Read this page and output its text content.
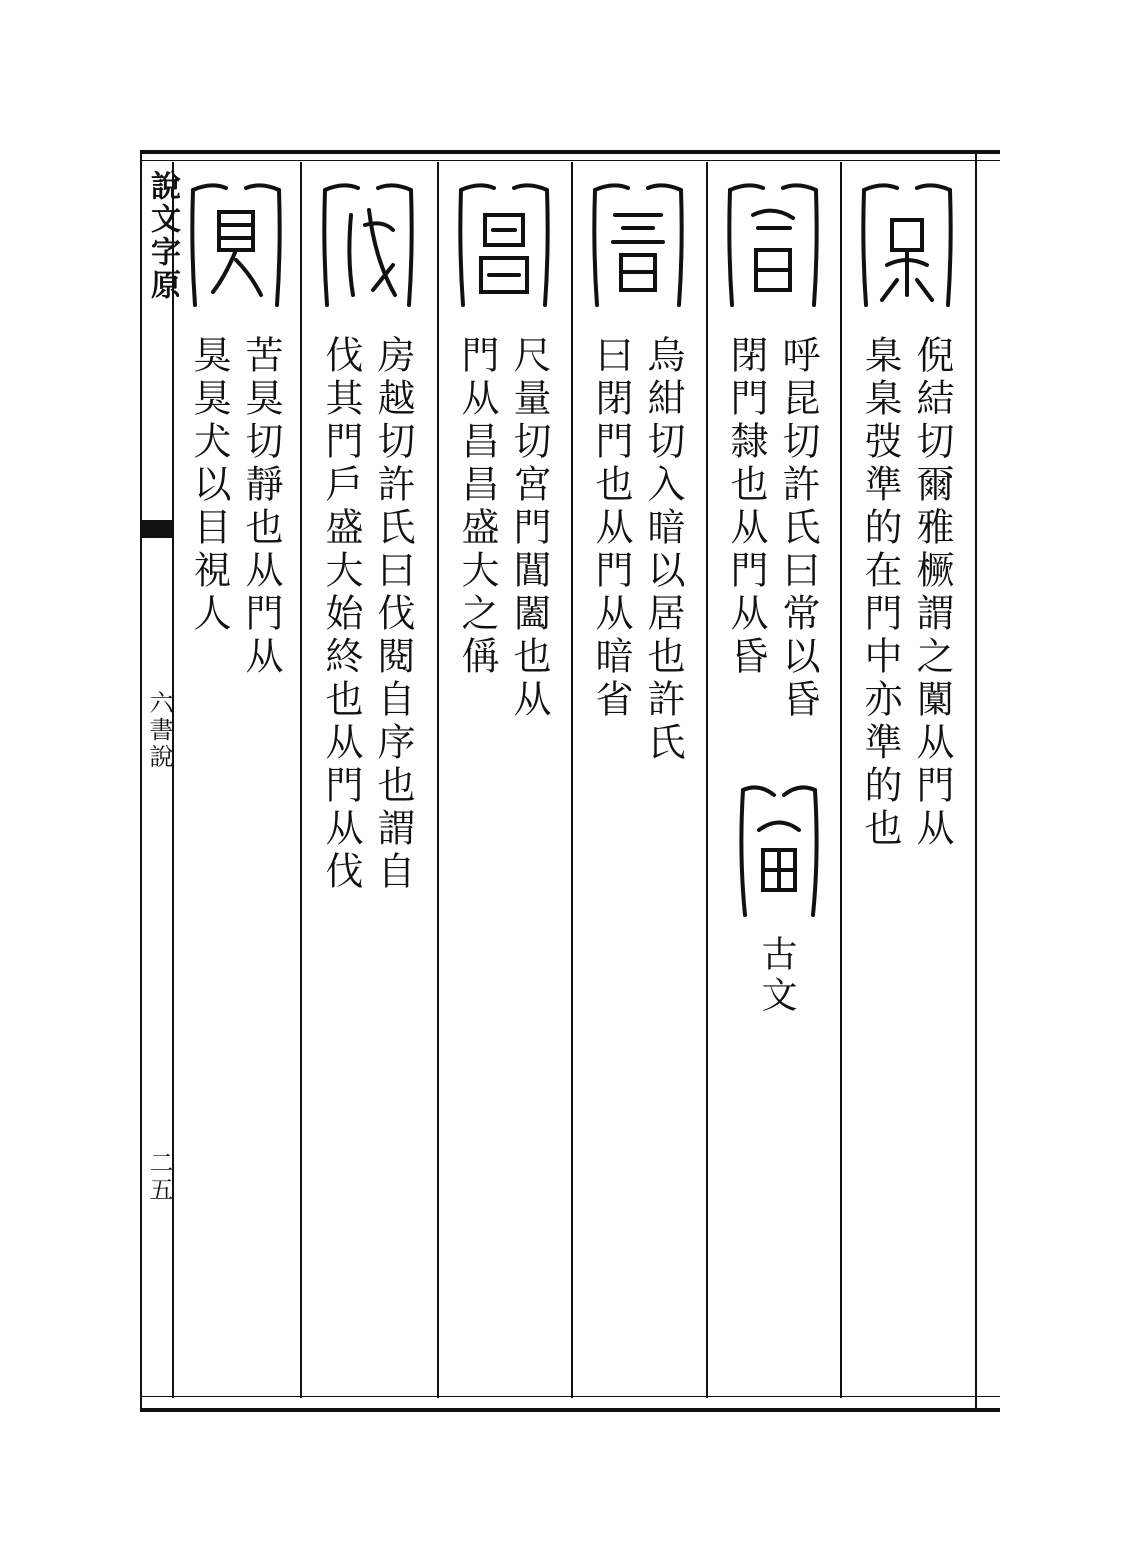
說文字原
六書說
二五
倪結切爾雅橛謂之闑从門从
臬臬弢準的在門中亦準的也
呼昆切許氏曰常以昏
閉門隸也从門从昏
古文
烏紺切入暗以居也許氏
曰閉門也从門从暗省
尺量切宮門閶闔也从
門从昌昌盛大之偁
房越切許氏曰伐閱自序也謂自
伐其門戶盛大始終也从門从伐
苦狊切靜也从門从
狊狊犬以目視人
